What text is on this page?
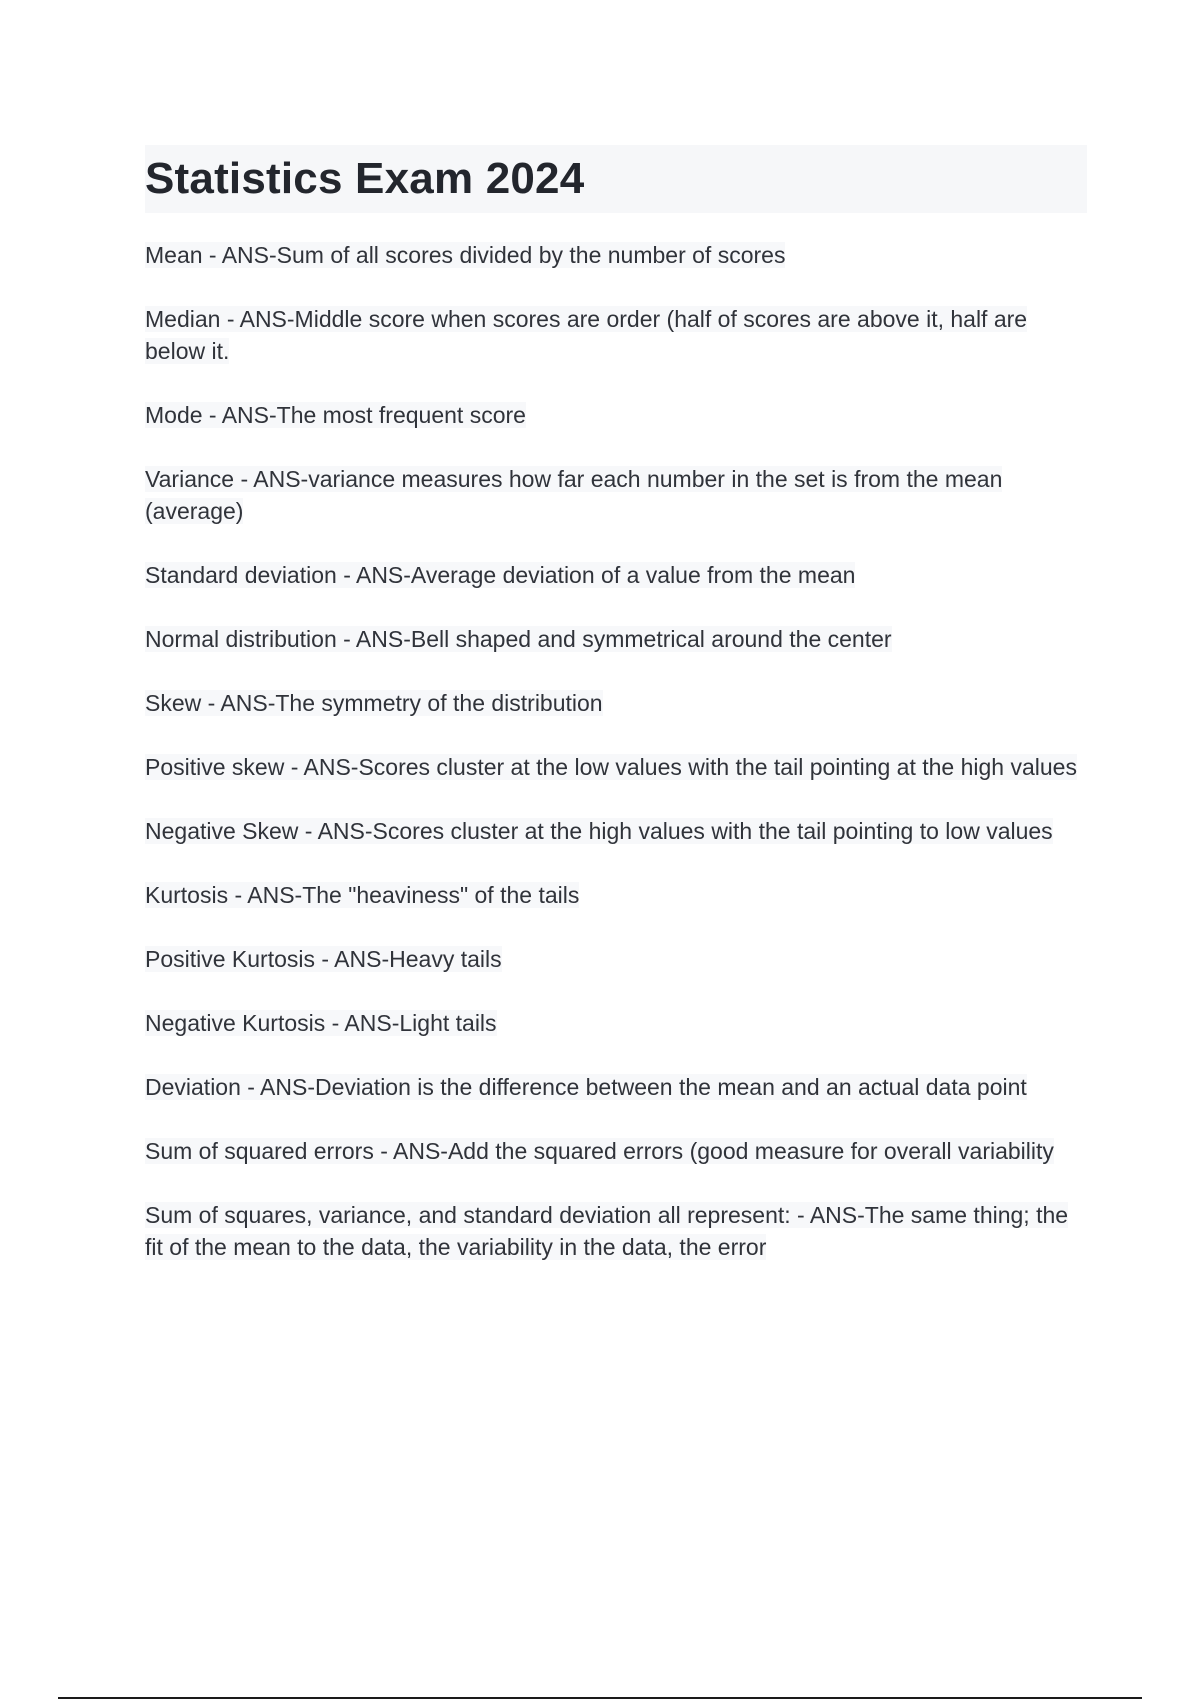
Statistics Exam 2024

Mean - ANS-Sum of all scores divided by the number of scores

Median - ANS-Middle score when scores are order (half of scores are above it, half are below it.

Mode - ANS-The most frequent score

Variance - ANS-variance measures how far each number in the set is from the mean (average)

Standard deviation - ANS-Average deviation of a value from the mean

Normal distribution - ANS-Bell shaped and symmetrical around the center

Skew - ANS-The symmetry of the distribution

Positive skew - ANS-Scores cluster at the low values with the tail pointing at the high values

Negative Skew - ANS-Scores cluster at the high values with the tail pointing to low values

Kurtosis - ANS-The "heaviness" of the tails

Positive Kurtosis - ANS-Heavy tails

Negative Kurtosis - ANS-Light tails

Deviation - ANS-Deviation is the difference between the mean and an actual data point

Sum of squared errors - ANS-Add the squared errors (good measure for overall variability

Sum of squares, variance, and standard deviation all represent: - ANS-The same thing; the fit of the mean to the data, the variability in the data, the error
